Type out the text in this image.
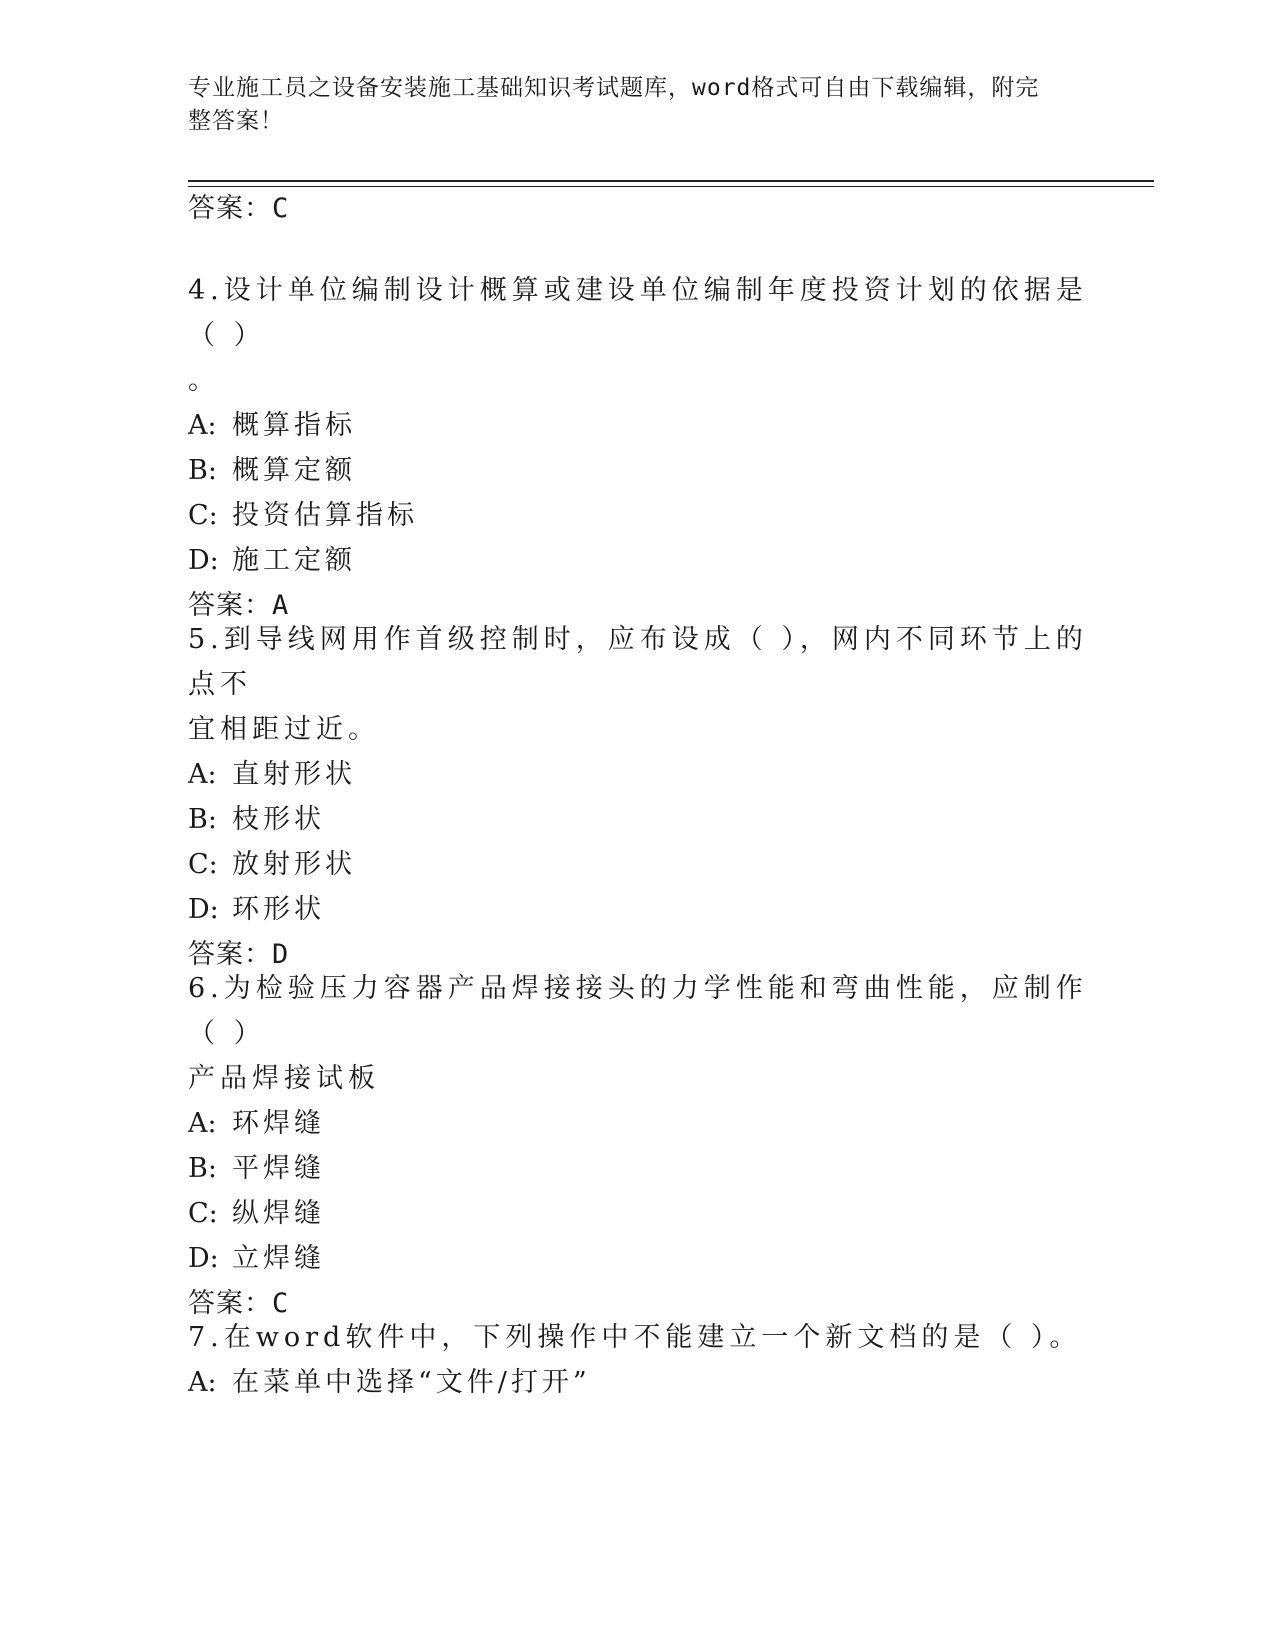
专业施工员之设备安装施工基础知识考试题库，word格式可自由下载编辑，附完
整答案！
答案：C
4.设计单位编制设计概算或建设单位编制年度投资计划的依据是（ ）
。
A: 概算指标
B: 概算定额
C: 投资估算指标
D: 施工定额
答案：A
5.到导线网用作首级控制时，应布设成（ ），网内不同环节上的点不
宜相距过近。
A: 直射形状
B: 枝形状
C: 放射形状
D: 环形状
答案：D
6.为检验压力容器产品焊接接头的力学性能和弯曲性能，应制作（ ）
产品焊接试板
A: 环焊缝
B: 平焊缝
C: 纵焊缝
D: 立焊缝
答案：C
7.在word软件中，下列操作中不能建立一个新文档的是（ ）。
A: 在菜单中选择“文件/打开”
